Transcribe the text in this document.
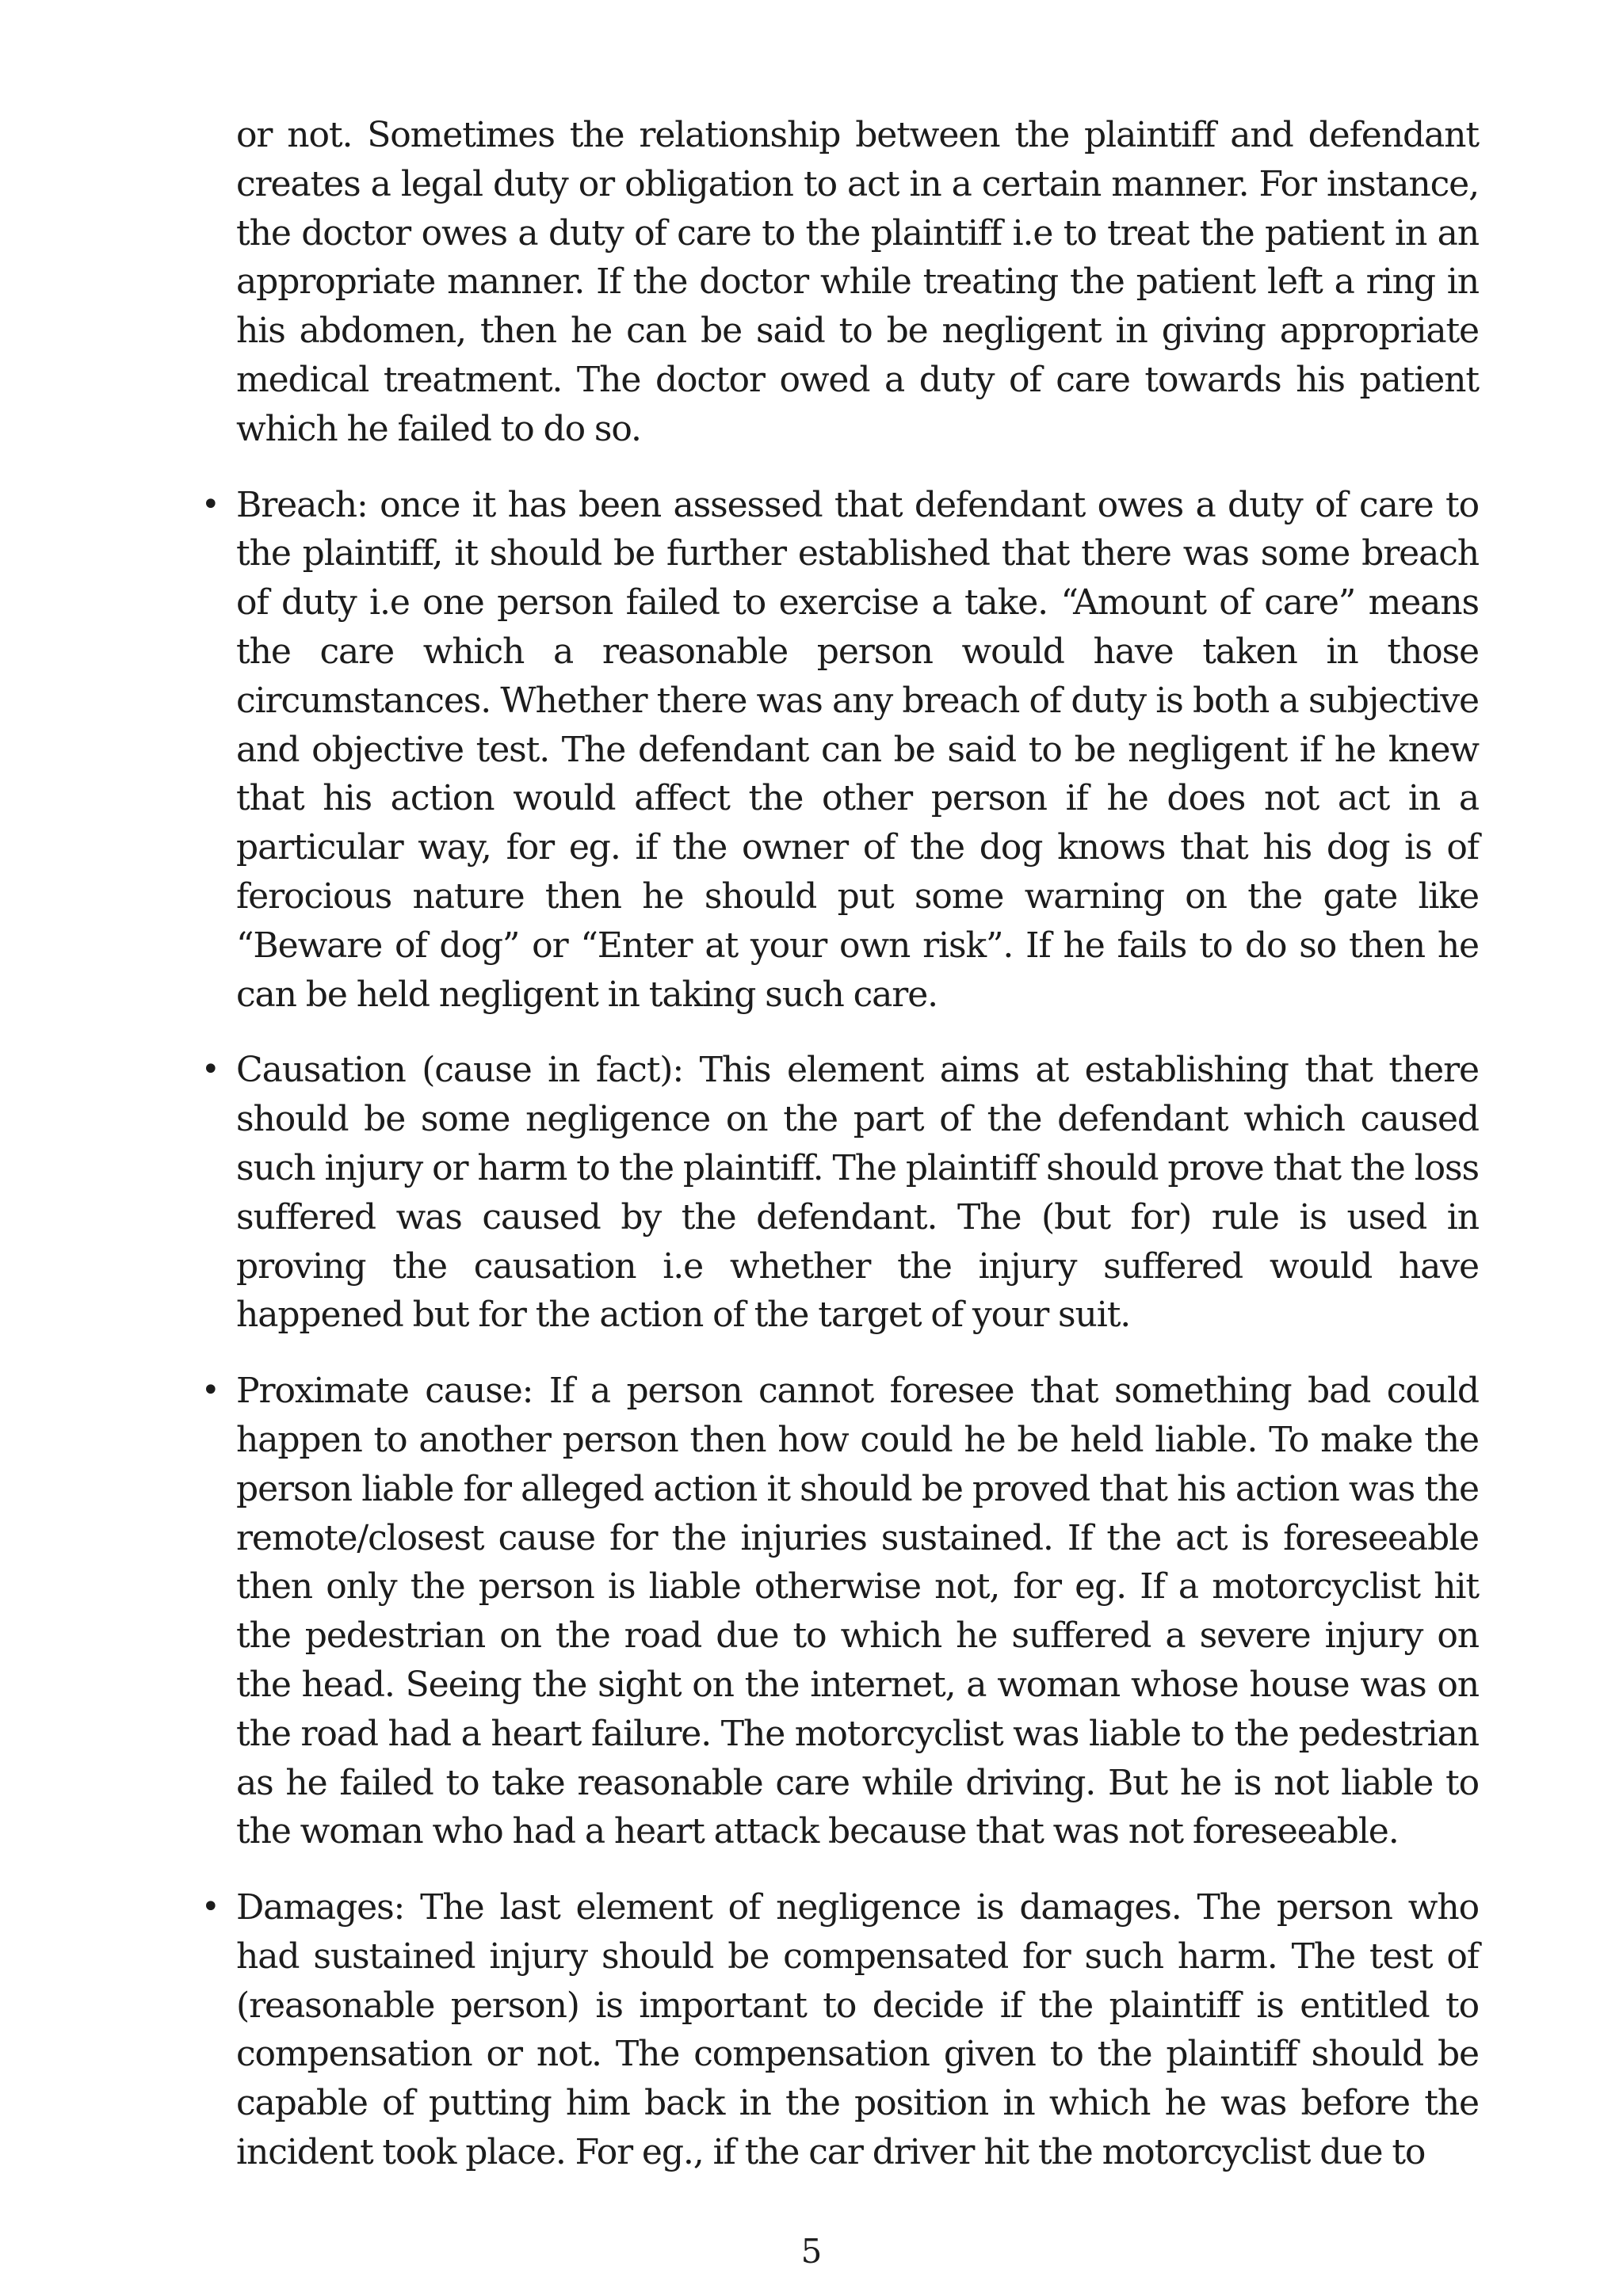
or not. Sometimes the relationship between the plaintiff and defendant creates a legal duty or obligation to act in a certain manner. For instance, the doctor owes a duty of care to the plaintiff i.e to treat the patient in an appropriate manner. If the doctor while treating the patient left a ring in his abdomen, then he can be said to be negligent in giving appropriate medical treatment. The doctor owed a duty of care towards his patient which he failed to do so.

• Breach: once it has been assessed that defendant owes a duty of care to the plaintiff, it should be further established that there was some breach of duty i.e one person failed to exercise a take. “Amount of care” means the care which a reasonable person would have taken in those circumstances. Whether there was any breach of duty is both a subjective and objective test. The defendant can be said to be negligent if he knew that his action would affect the other person if he does not act in a particular way, for eg. if the owner of the dog knows that his dog is of ferocious nature then he should put some warning on the gate like “Beware of dog” or “Enter at your own risk”. If he fails to do so then he can be held negligent in taking such care.
• Causation (cause in fact): This element aims at establishing that there should be some negligence on the part of the defendant which caused such injury or harm to the plaintiff. The plaintiff should prove that the loss suffered was caused by the defendant. The (but for) rule is used in proving the causation i.e whether the injury suffered would have happened but for the action of the target of your suit.
• Proximate cause: If a person cannot foresee that something bad could happen to another person then how could he be held liable. To make the person liable for alleged action it should be proved that his action was the remote/closest cause for the injuries sustained. If the act is foreseeable then only the person is liable otherwise not, for eg. If a motorcyclist hit the pedestrian on the road due to which he suffered a severe injury on the head. Seeing the sight on the internet, a woman whose house was on the road had a heart failure. The motorcyclist was liable to the pedestrian as he failed to take reasonable care while driving. But he is not liable to the woman who had a heart attack because that was not foreseeable.
• Damages: The last element of negligence is damages. The person who had sustained injury should be compensated for such harm. The test of (reasonable person) is important to decide if the plaintiff is entitled to compensation or not. The compensation given to the plaintiff should be capable of putting him back in the position in which he was before the incident took place. For eg., if the car driver hit the motorcyclist due to
5
